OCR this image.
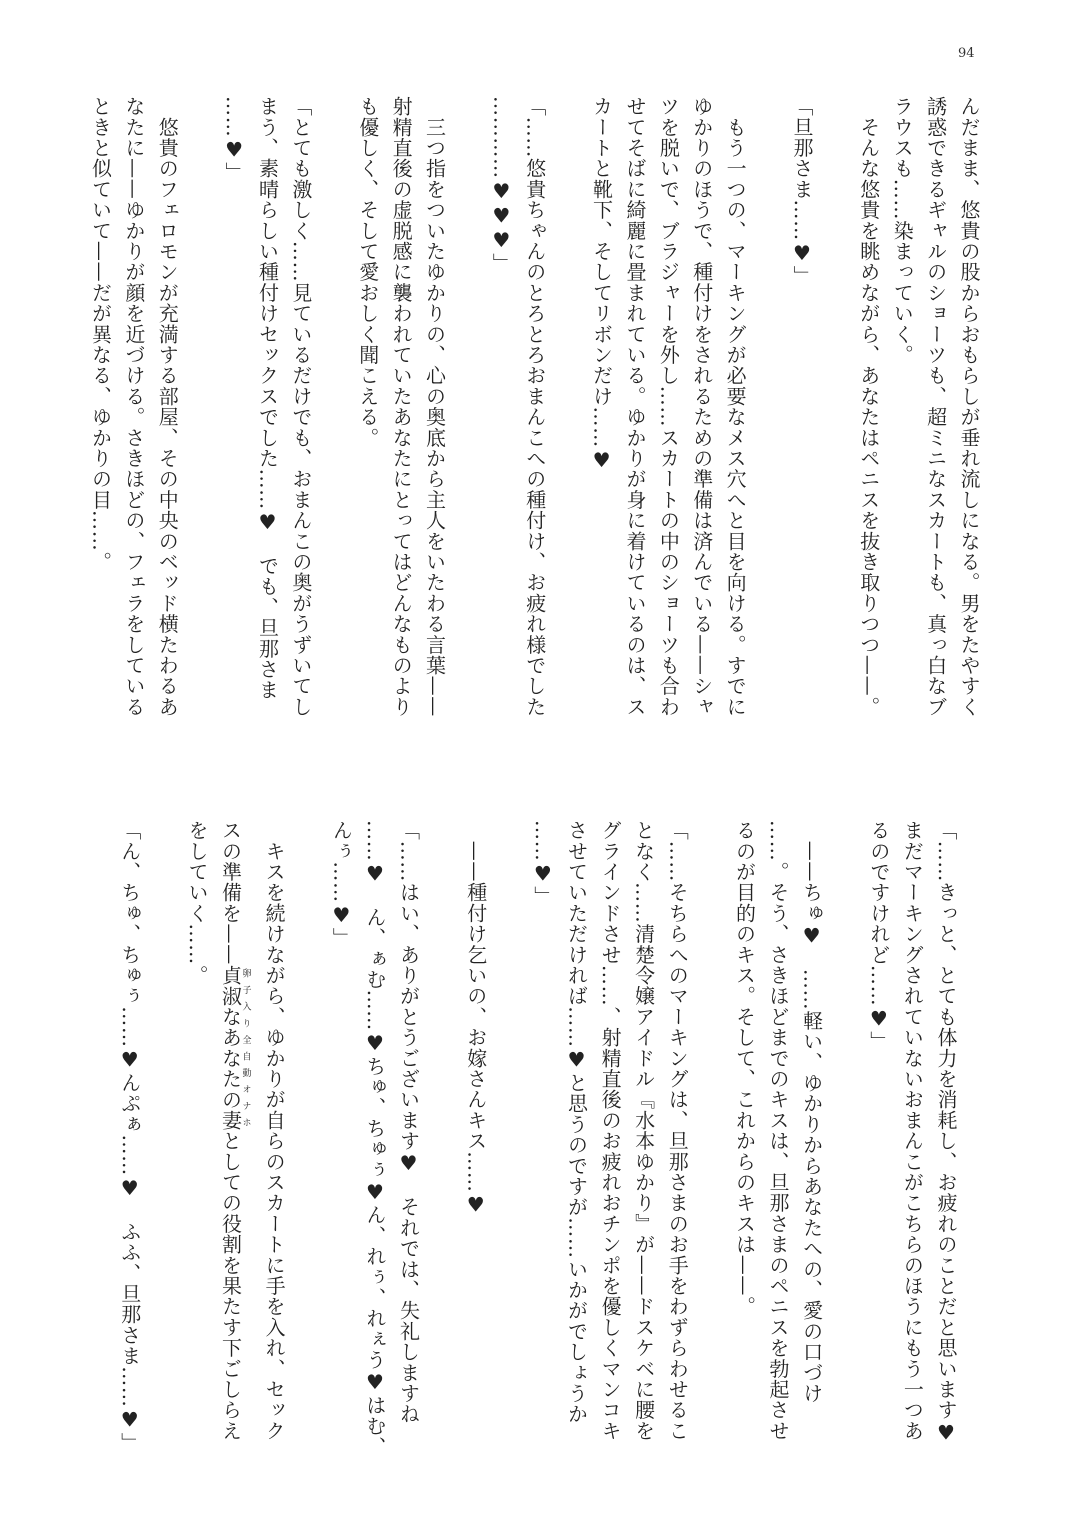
94
んだまま、悠貴の股からおもらしが垂れ流しになる。男をたやすく
誘惑できるギャルのショーツも、超ミニなスカートも、真っ白なブ
ラウスも……染まっていく。
　そんな悠貴を眺めながら、あなたはペニスを抜き取りつつ——。
「旦那さま……♥」
　もう一つの、マーキングが必要なメス穴へと目を向ける。すでに
ゆかりのほうで、種付けをされるための準備は済んでいる——シャ
ツを脱いで、ブラジャーを外し……スカートの中のショーツも合わ
せてそばに綺麗に畳まれている。ゆかりが身に着けているのは、ス
カートと靴下、そしてリボンだけ……♥
「……悠貴ちゃんのとろとろおまんこへの種付け、お疲れ様でした
…………♥♥♥」
　三つ指をついたゆかりの、心の奥底から主人をいたわる言葉——
射精直後の虚脱感に襲われていたあなたにとってはどんなものより
も優しく、そして愛おしく聞こえる。
「とても激しく……見ているだけでも、おまんこの奥がうずいてし
まう、素晴らしい種付けセックスでした……♥　でも、旦那さま
……♥」
　悠貴のフェロモンが充満する部屋、その中央のベッド横たわるあ
なたに——ゆかりが顔を近づける。さきほどの、フェラをしている
ときと似ていて——だが異なる、ゆかりの目……。
「……きっと、とても体力を消耗し、お疲れのことだと思います♥
まだマーキングされていないおまんこがこちらのほうにもう一つあ
るのですけれど……♥」
　——ちゅ♥　……軽い、ゆかりからあなたへの、愛の口づけ
……。そう、さきほどまでのキスは、旦那さまのペニスを勃起させ
るのが目的のキス。そして、これからのキスは——。
「……そちらへのマーキングは、旦那さまのお手をわずらわせるこ
となく……清楚令嬢アイドル『水本ゆかり』が——ドスケベに腰を
グラインドさせ……、射精直後のお疲れおチンポを優しくマンコキ
させていただければ……♥と思うのですが……いかがでしょうか
……♥」
　——種付け乞いの、お嫁さんキス……♥
「……はい、ありがとうございます♥　それでは、失礼しますね
……♥　ん、ぁむ……♥ちゅ、ちゅぅ♥ん、れぅ、れぇう♥はむ、
んぅ……♥」
　キスを続けながら、ゆかりが自らのスカートに手を入れ、セック
スの準備を——貞淑なあなたの妻卵子入り全自動オナホとしての役割を果たす下ごしらえ
をしていく……。
「ん、ちゅ、ちゅぅ……♥んぷぁ……♥　ふふ、旦那さま……♥」
